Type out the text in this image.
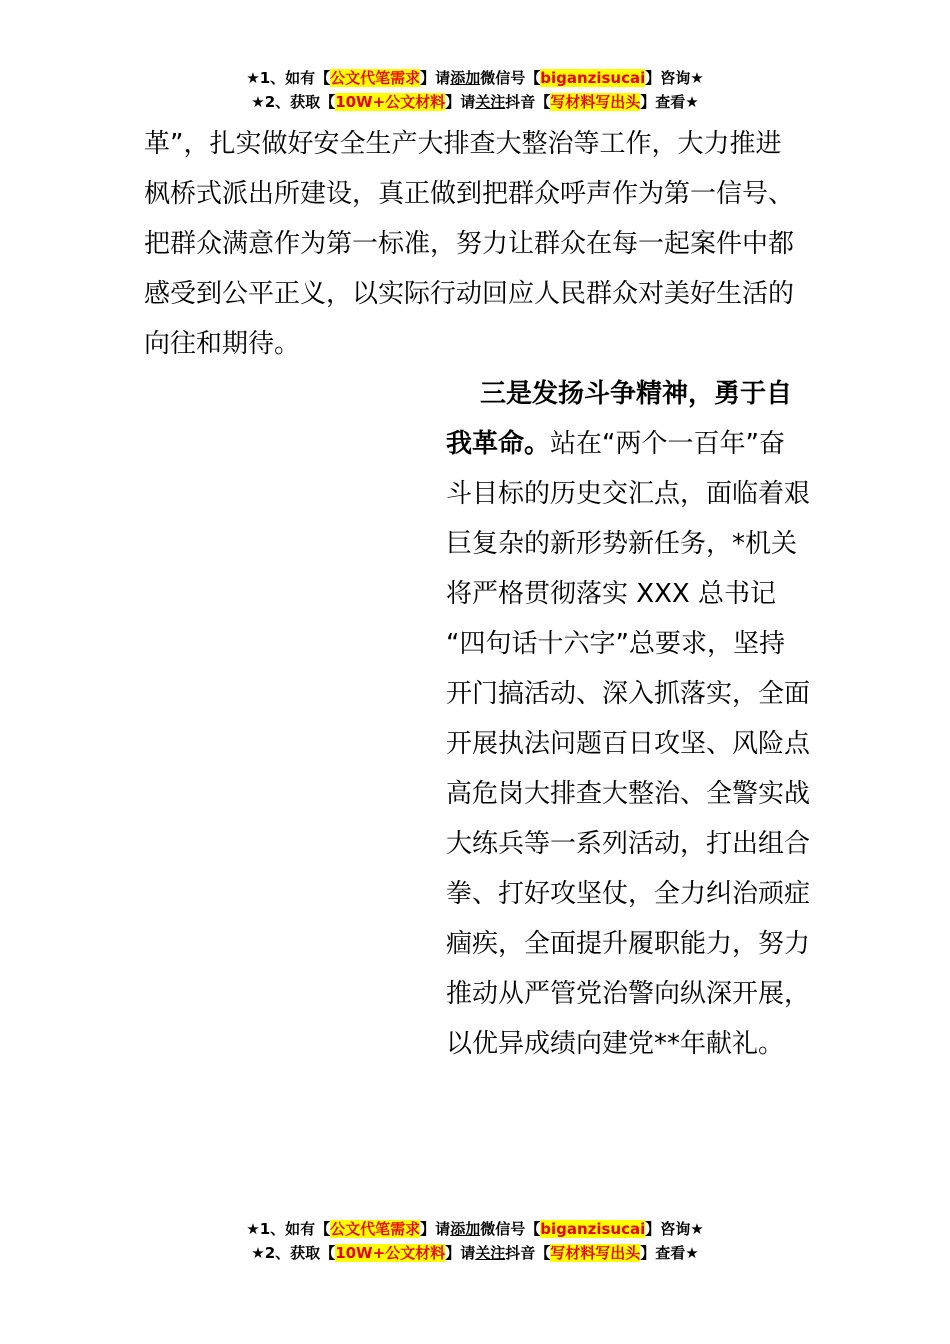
★1、如有【公文代笔需求】请添加微信号【biganzisucai】咨询★
★2、获取【10W+公文材料】请关注抖音【写材料写出头】查看★
革”，扎实做好安全生产大排查大整治等工作，大力推进
枫桥式派出所建设，真正做到把群众呼声作为第一信号、
把群众满意作为第一标准，努力让群众在每一起案件中都
感受到公平正义，以实际行动回应人民群众对美好生活的
向往和期待。
三是发扬斗争精神，勇于自
我革命。站在“两个一百年”奋
斗目标的历史交汇点，面临着艰
巨复杂的新形势新任务，*机关
将严格贯彻落实 XXX 总书记
“四句话十六字”总要求，坚持
开门搞活动、深入抓落实，全面
开展执法问题百日攻坚、风险点
高危岗大排查大整治、全警实战
大练兵等一系列活动，打出组合
拳、打好攻坚仗，全力纠治顽症
痼疾，全面提升履职能力，努力
推动从严管党治警向纵深开展，
以优异成绩向建党**年献礼。
★1、如有【公文代笔需求】请添加微信号【biganzisucai】咨询★
★2、获取【10W+公文材料】请关注抖音【写材料写出头】查看★
